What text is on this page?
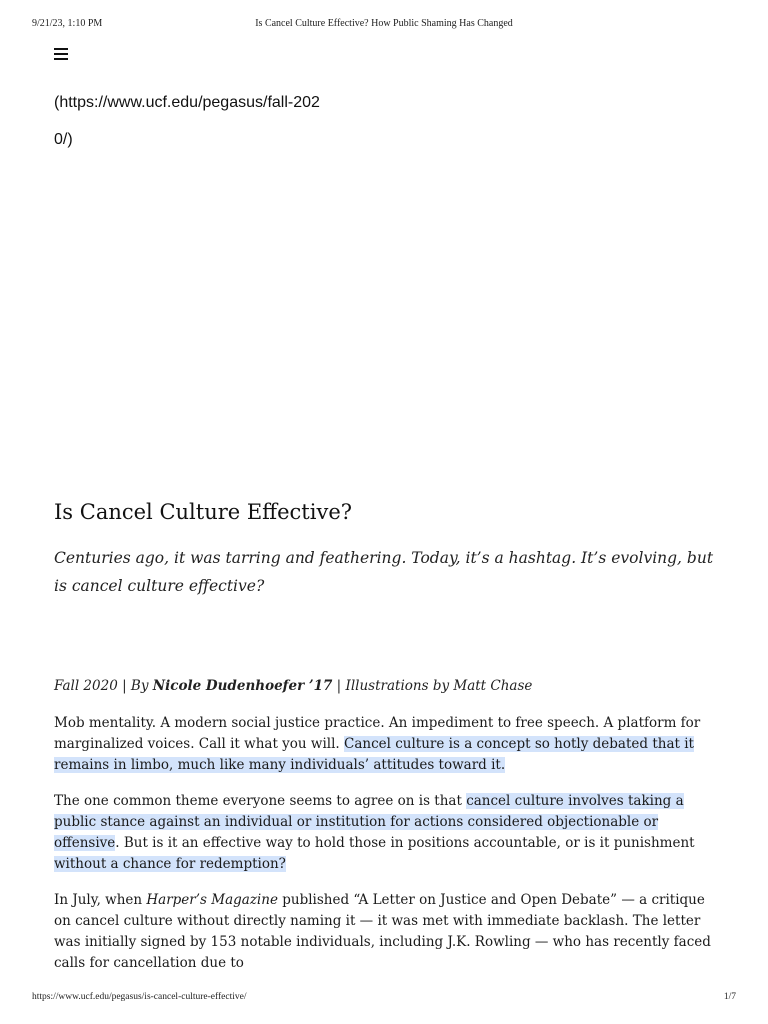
9/21/23, 1:10 PM	Is Cancel Culture Effective? How Public Shaming Has Changed
(https://www.ucf.edu/pegasus/fall-2020/)
Is Cancel Culture Effective?

Centuries ago, it was tarring and feathering. Today, it’s a hashtag. It’s evolving, but is cancel culture effective?

Fall 2020 | By Nicole Dudenhoefer ’17 | Illustrations by Matt Chase

Mob mentality. A modern social justice practice. An impediment to free speech. A platform for marginalized voices. Call it what you will. Cancel culture is a concept so hotly debated that it remains in limbo, much like many individuals’ attitudes toward it.

The one common theme everyone seems to agree on is that cancel culture involves taking a public stance against an individual or institution for actions considered objectionable or offensive. But is it an effective way to hold those in positions accountable, or is it punishment without a chance for redemption?

In July, when Harper’s Magazine published “A Letter on Justice and Open Debate” — a critique on cancel culture without directly naming it — it was met with immediate backlash. The letter was initially signed by 153 notable individuals, including J.K. Rowling — who has recently faced calls for cancellation due to

https://www.ucf.edu/pegasus/is-cancel-culture-effective/	1/7
